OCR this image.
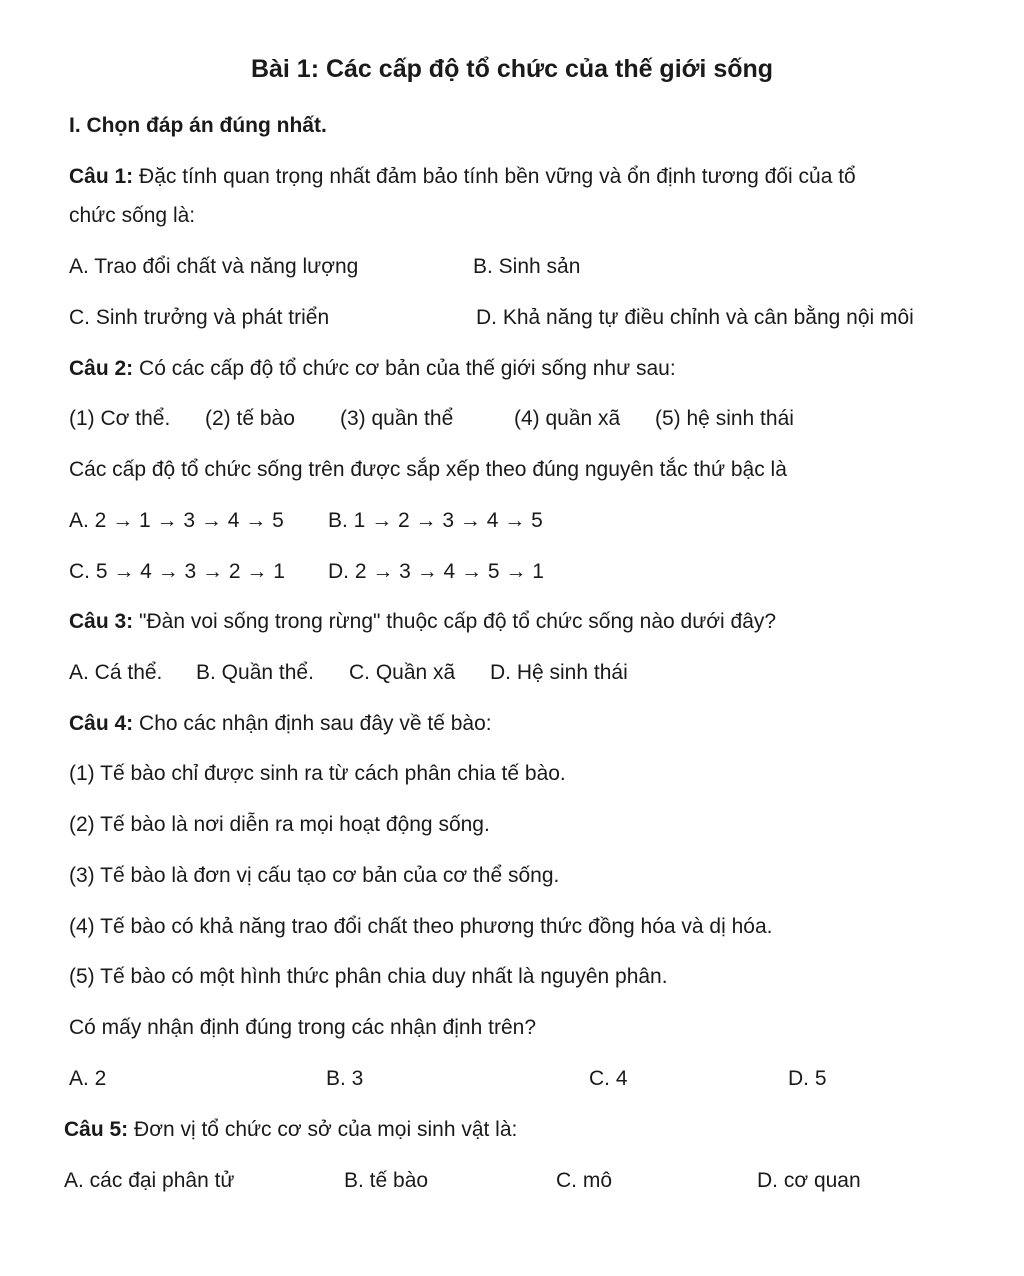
Bài 1: Các cấp độ tổ chức của thế giới sống
I. Chọn đáp án đúng nhất.
Câu 1: Đặc tính quan trọng nhất đảm bảo tính bền vững và ổn định tương đối của tổ
chức sống là:
A. Trao đổi chất và năng lượng	B. Sinh sản
C. Sinh trưởng và phát triển	D. Khả năng tự điều chỉnh và cân bằng nội môi
Câu 2: Có các cấp độ tổ chức cơ bản của thế giới sống như sau:
(1) Cơ thể. (2) tế bào (3) quần thể	(4) quần xã (5) hệ sinh thái
Các cấp độ tổ chức sống trên được sắp xếp theo đúng nguyên tắc thứ bậc là
A. 2 → 1 → 3 → 4 → 5 B. 1 → 2 → 3 → 4 → 5
C. 5 → 4 → 3 → 2 → 1 D. 2 → 3 → 4 → 5 → 1
Câu 3: "Đàn voi sống trong rừng" thuộc cấp độ tổ chức sống nào dưới đây?
A. Cá thể. B. Quần thể. C. Quần xã D. Hệ sinh thái
Câu 4: Cho các nhận định sau đây về tế bào:
(1) Tế bào chỉ được sinh ra từ cách phân chia tế bào.
(2) Tế bào là nơi diễn ra mọi hoạt động sống.
(3) Tế bào là đơn vị cấu tạo cơ bản của cơ thể sống.
(4) Tế bào có khả năng trao đổi chất theo phương thức đồng hóa và dị hóa.
(5) Tế bào có một hình thức phân chia duy nhất là nguyên phân.
Có mấy nhận định đúng trong các nhận định trên?
A. 2	B. 3	C. 4	D. 5
Câu 5: Đơn vị tổ chức cơ sở của mọi sinh vật là:
A. các đại phân tử	B. tế bào	C. mô	D. cơ quan
